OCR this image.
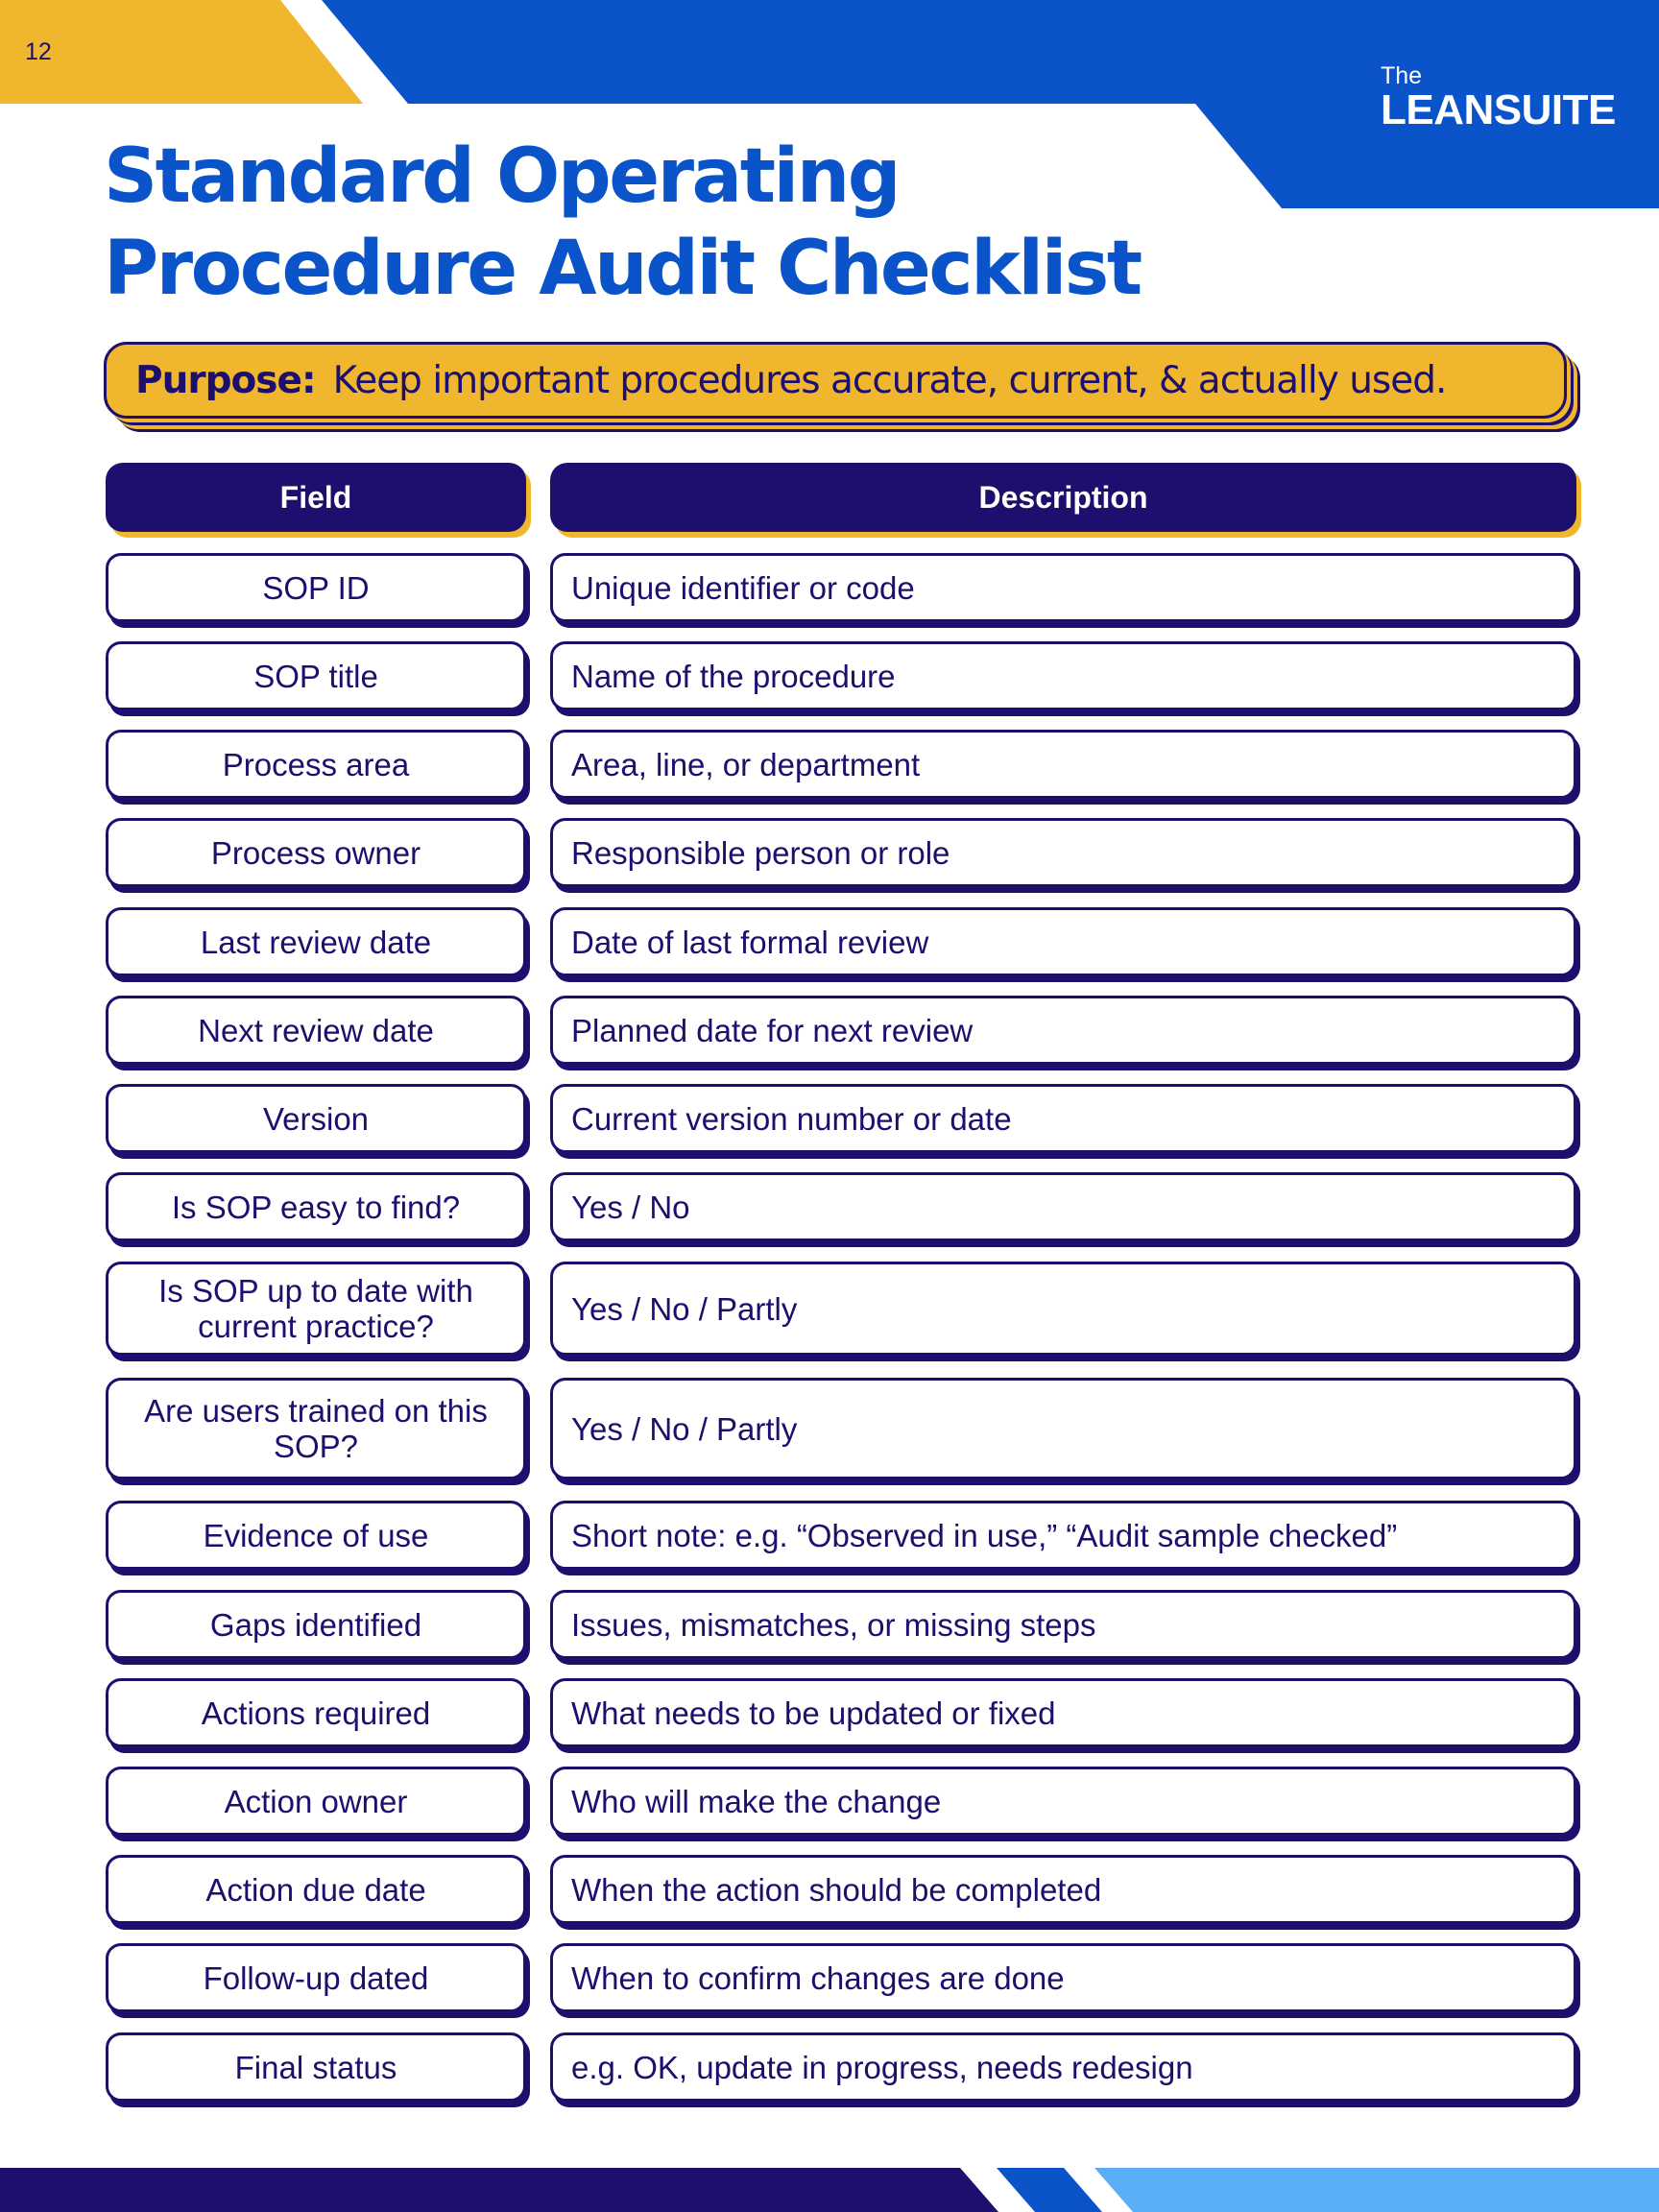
12
The
LEANSUITE
Standard Operating
Procedure Audit Checklist
Purpose: Keep important procedures accurate, current, & actually used.
Field	Description
SOP ID	Unique identifier or code
SOP title	Name of the procedure
Process area	Area, line, or department
Process owner	Responsible person or role
Last review date	Date of last formal review
Next review date	Planned date for next review
Version	Current version number or date
Is SOP easy to find?	Yes / No
Is SOP up to date with current practice?	Yes / No / Partly
Are users trained on this SOP?	Yes / No / Partly
Evidence of use	Short note: e.g. “Observed in use,” “Audit sample checked”
Gaps identified	Issues, mismatches, or missing steps
Actions required	What needs to be updated or fixed
Action owner	Who will make the change
Action due date	When the action should be completed
Follow-up dated	When to confirm changes are done
Final status	e.g. OK, update in progress, needs redesign
